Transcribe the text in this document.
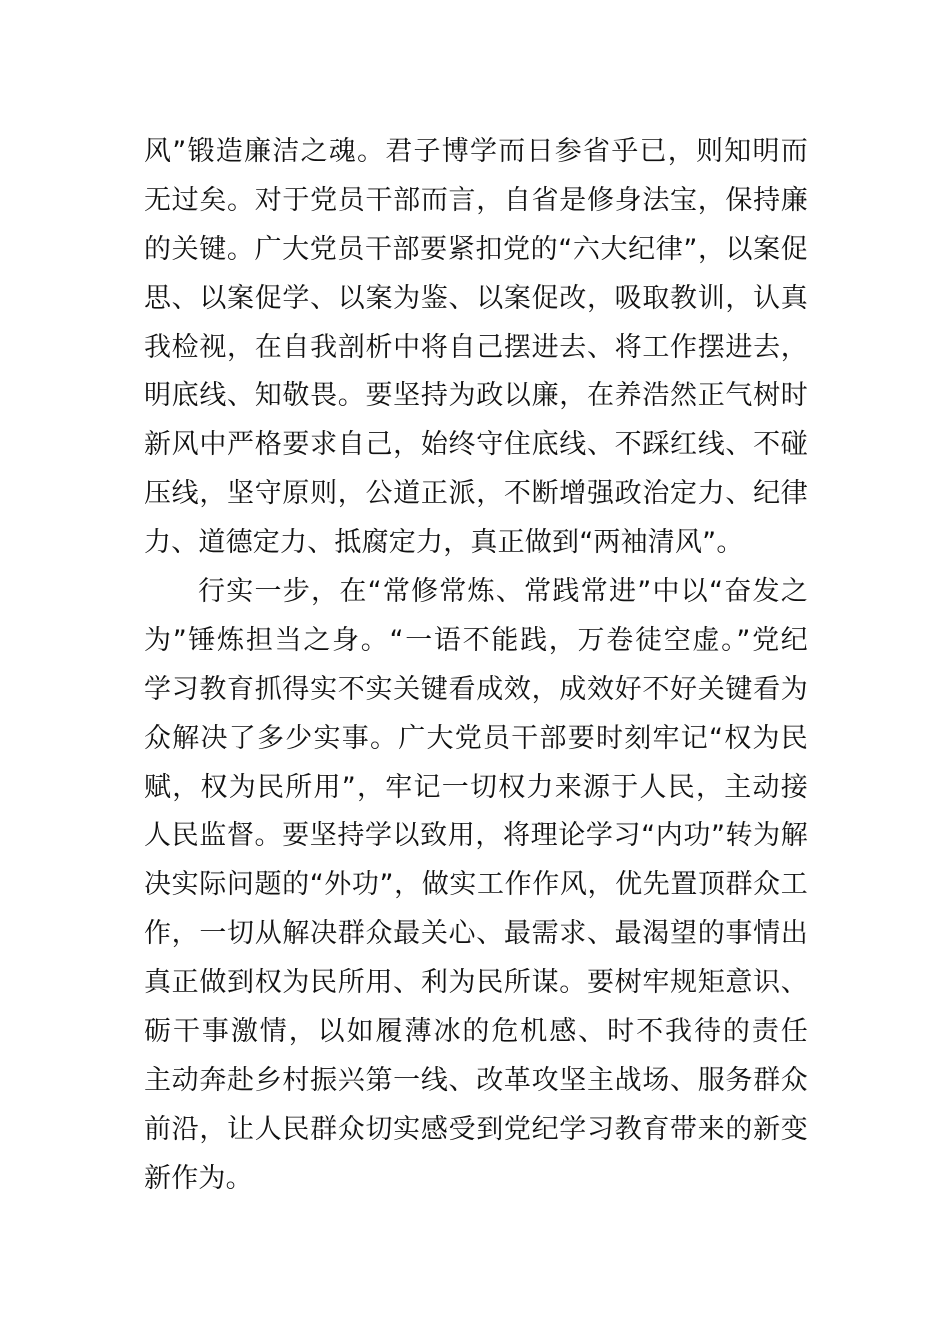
风”锻造廉洁之魂。君子博学而日参省乎已，则知明而
无过矣。对于党员干部而言，自省是修身法宝，保持廉
的关键。广大党员干部要紧扣党的“六大纪律”，以案促
思、以案促学、以案为鉴、以案促改，吸取教训，认真
我检视，在自我剖析中将自己摆进去、将工作摆进去，
明底线、知敬畏。要坚持为政以廉，在养浩然正气树时
新风中严格要求自己，始终守住底线、不踩红线、不碰
压线，坚守原则，公道正派，不断增强政治定力、纪律
力、道德定力、抵腐定力，真正做到“两袖清风”。
行实一步，在“常修常炼、常践常进”中以“奋发之
为”锤炼担当之身。“一语不能践，万卷徒空虚。”党纪
学习教育抓得实不实关键看成效，成效好不好关键看为
众解决了多少实事。广大党员干部要时刻牢记“权为民
赋，权为民所用”，牢记一切权力来源于人民，主动接
人民监督。要坚持学以致用，将理论学习“内功”转为解
决实际问题的“外功”，做实工作作风，优先置顶群众工
作，一切从解决群众最关心、最需求、最渴望的事情出
真正做到权为民所用、利为民所谋。要树牢规矩意识、
砺干事激情，以如履薄冰的危机感、时不我待的责任
主动奔赴乡村振兴第一线、改革攻坚主战场、服务群众
前沿，让人民群众切实感受到党纪学习教育带来的新变
新作为。
